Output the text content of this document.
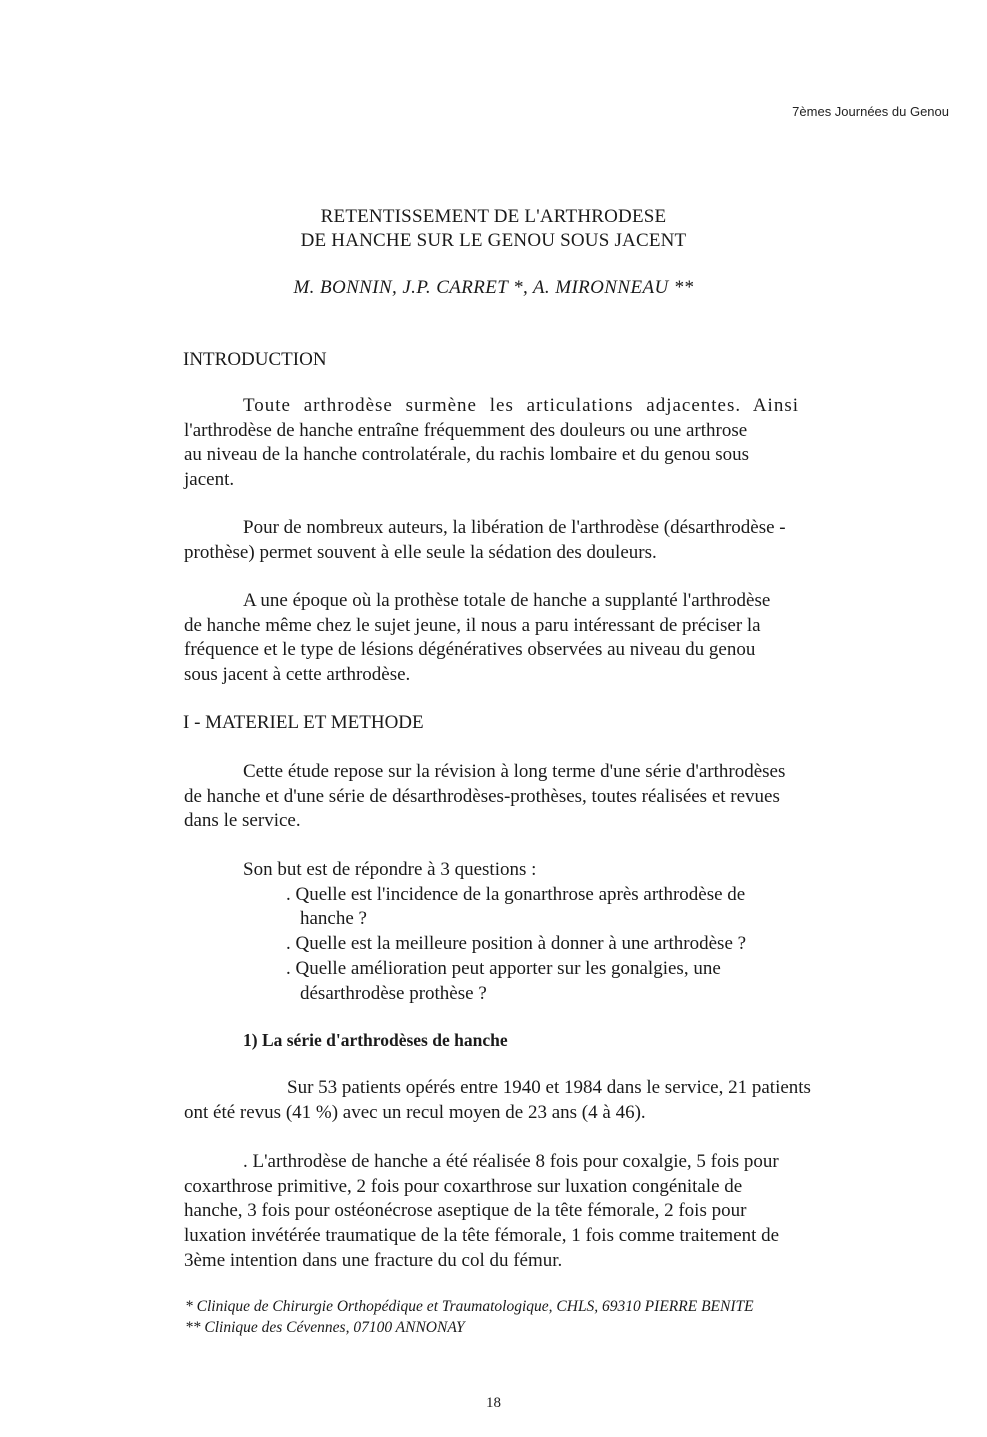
7èmes Journées du Genou
RETENTISSEMENT DE L'ARTHRODESE
DE HANCHE SUR LE GENOU SOUS JACENT
M. BONNIN, J.P. CARRET *, A. MIRONNEAU **
INTRODUCTION
Toute arthrodèse surmène les articulations adjacentes. Ainsi
l'arthrodèse de hanche entraîne fréquemment des douleurs ou une arthrose
au niveau de la hanche controlatérale, du rachis lombaire et du genou sous
jacent.
Pour de nombreux auteurs, la libération de l'arthrodèse (désarthrodèse -
prothèse) permet souvent à elle seule la sédation des douleurs.
A une époque où la prothèse totale de hanche a supplanté l'arthrodèse
de hanche même chez le sujet jeune, il nous a paru intéressant de préciser la
fréquence et le type de lésions dégénératives observées au niveau du genou
sous jacent à cette arthrodèse.
I - MATERIEL ET METHODE
Cette étude repose sur la révision à long terme d'une série d'arthrodèses
de hanche et d'une série de désarthrodèses-prothèses, toutes réalisées et revues
dans le service.
Son but est de répondre à 3 questions :
. Quelle est l'incidence de la gonarthrose après arthrodèse de
hanche ?
. Quelle est la meilleure position à donner à une arthrodèse ?
. Quelle amélioration peut apporter sur les gonalgies, une
désarthrodèse prothèse ?
1) La série d'arthrodèses de hanche
Sur 53 patients opérés entre 1940 et 1984 dans le service, 21 patients
ont été revus (41 %) avec un recul moyen de 23 ans (4 à 46).
. L'arthrodèse de hanche a été réalisée 8 fois pour coxalgie, 5 fois pour
coxarthrose primitive, 2 fois pour coxarthrose sur luxation congénitale de
hanche, 3 fois pour ostéonécrose aseptique de la tête fémorale, 2 fois pour
luxation invétérée traumatique de la tête fémorale, 1 fois comme traitement de
3ème intention dans une fracture du col du fémur.
* Clinique de Chirurgie Orthopédique et Traumatologique, CHLS, 69310 PIERRE BENITE
** Clinique des Cévennes, 07100 ANNONAY
18
